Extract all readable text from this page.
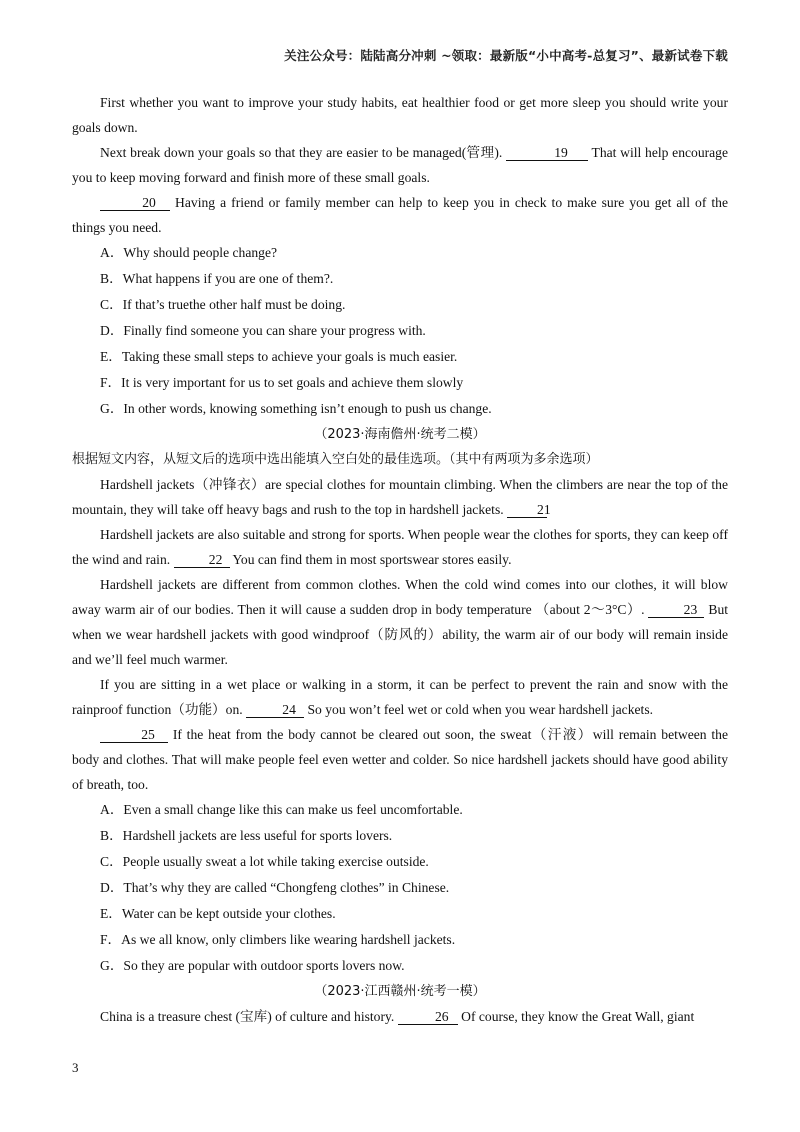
关注公众号：陆陆高分冲刺 ~领取：最新版“小中高考-总复习”、最新试卷下载

First whether you want to improve your study habits, eat healthier food or get more sleep you should write your goals down.

Next break down your goals so that they are easier to be managed(管理).	19 That will help encourage you to keep moving forward and finish more of these small goals.

20 Having a friend or family member can help to keep you in check to make sure you get all of the things you need.

A．Why should people change?

B．What happens if you are one of them?.

C．If that’s truethe other half must be doing.

D．Finally find someone you can share your progress with.

E．Taking these small steps to achieve your goals is much easier.

F．It is very important for us to set goals and achieve them slowly

G．In other words, knowing something isn’t enough to push us change.

（2023·海南儋州·统考二模）

根据短文内容，从短文后的选项中选出能填入空白处的最佳选项。（其中有两项为多余选项）

Hardshell jackets（冲锋衣）are special clothes for mountain climbing. When the climbers are near the top of the mountain, they will take off heavy bags and rush to the top in hardshell jackets. 21

Hardshell jackets are also suitable and strong for sports. When people wear the clothes for sports, they can keep off the wind and rain.	22 You can find them in most sportswear stores easily.

Hardshell jackets are different from common clothes. When the cold wind comes into our clothes, it will blow away warm air of our bodies. Then it will cause a sudden drop in body temperature （about 2～3°C）.	23 But when we wear hardshell jackets with good windproof（防风的）ability, the warm air of our body will remain inside and we’ll feel much warmer.

If you are sitting in a wet place or walking in a storm, it can be perfect to prevent the rain and snow with the rainproof function（功能）on.	24 So you won’t feel wet or cold when you wear hardshell jackets.

25 If the heat from the body cannot be cleared out soon, the sweat（汗液）will remain between the body and clothes. That will make people feel even wetter and colder. So nice hardshell jackets should have good ability of breath, too.

A．Even a small change like this can make us feel uncomfortable.

B．Hardshell jackets are less useful for sports lovers.

C．People usually sweat a lot while taking exercise outside.

D．That’s why they are called “Chongfeng clothes” in Chinese.

E．Water can be kept outside your clothes.

F．As we all know, only climbers like wearing hardshell jackets.

G．So they are popular with outdoor sports lovers now.

（2023·江西赣州·统考一模）

China is a treasure chest (宝库) of culture and history.	26 Of course, they know the Great Wall, giant

3
